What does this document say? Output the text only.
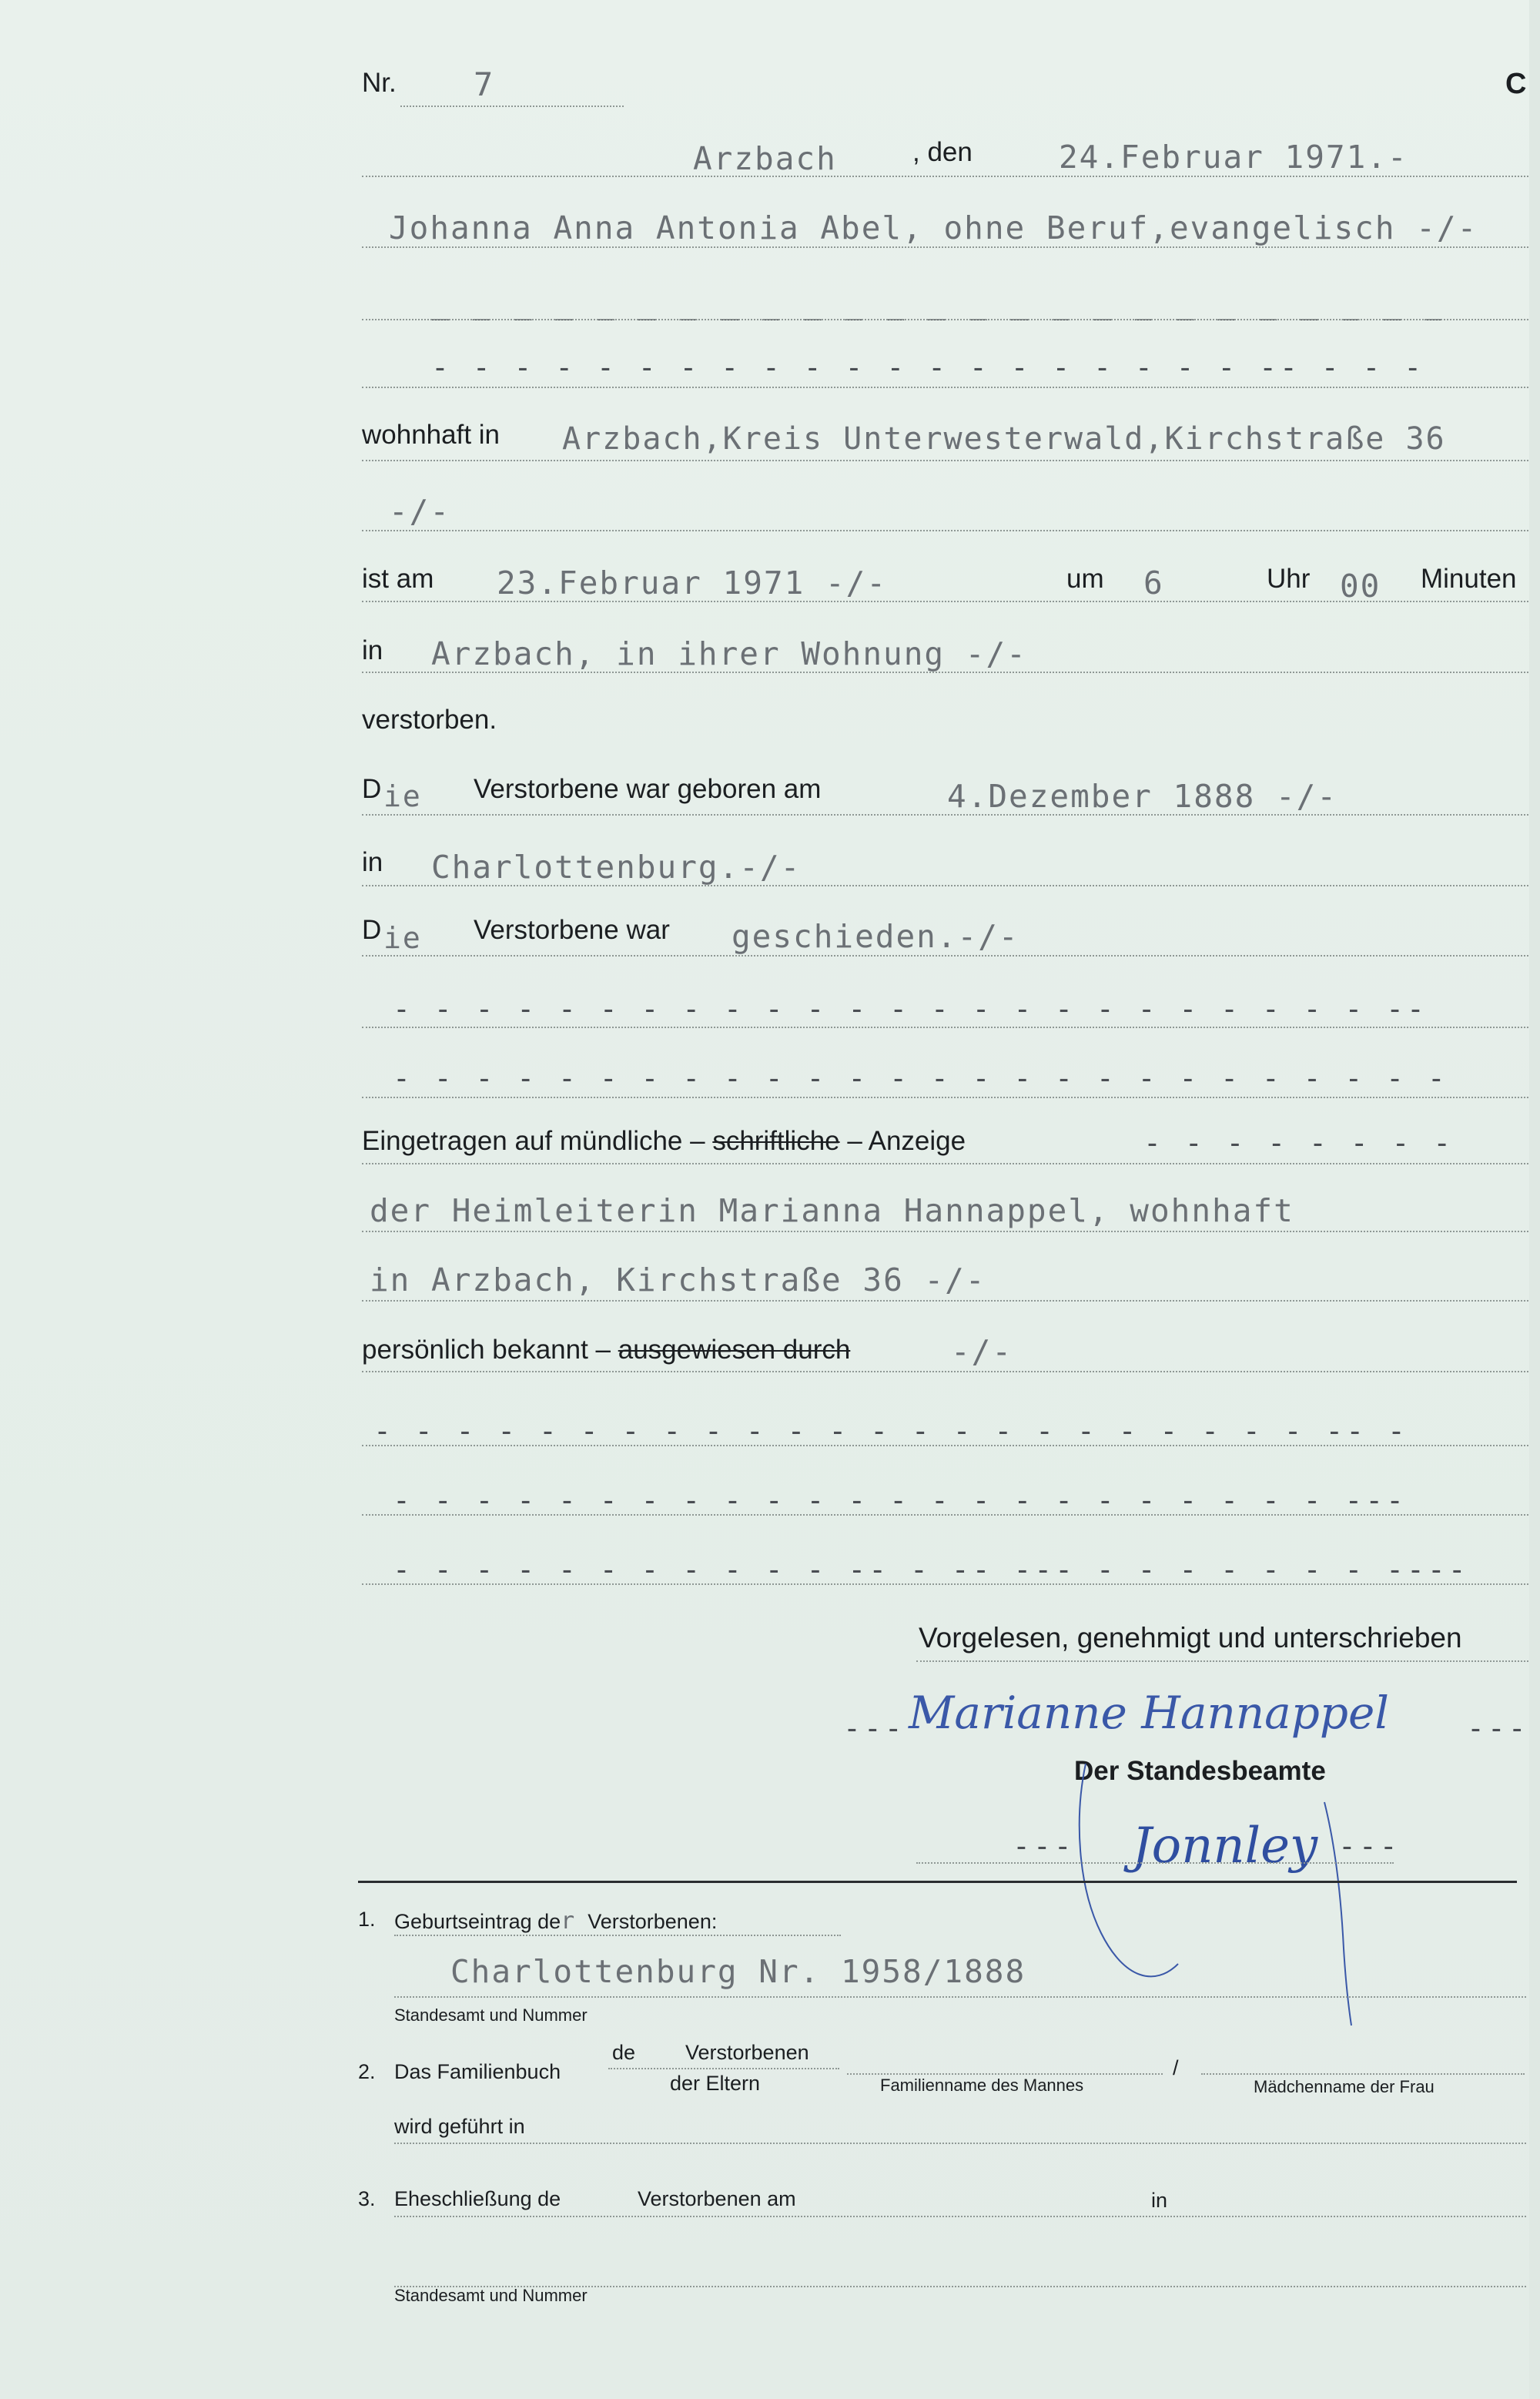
Nr. 7	C
Arzbach	, den	24.Februar 1971.-
Johanna Anna Antonia Abel, ohne Beruf,evangelisch -/-
_ _ _ _ _ _ _ _ _ _ _ _ _ _ _ _ _ _ _ _ _ _ _ _ _
- - - - - - - - - - - - - - - - - - - - -- - - -
wohnhaft in Arzbach,Kreis Unterwesterwald,Kirchstraße 36
-/-
ist am 23.Februar 1971 -/-	um 6	Uhr 00 Minuten
in Arzbach, in ihrer Wohnung -/-
verstorben.
D ie Verstorbene war geboren am	4.Dezember 1888 -/-
in Charlottenburg.-/-
D ie Verstorbene war geschieden.-/-
- - - - - - - - - - - - - - - - - - - - - - - - --
- - - - - - - - - - - - - - - - - - - - - - - - - -
Eingetragen auf mündliche – schriftliche – Anzeige	- - - - - - - -
der Heimleiterin Marianna Hannappel, wohnhaft
in Arzbach, Kirchstraße 36 -/-
persönlich bekannt – ausgewiesen durch	-/-
- - - - - - - - - - - - - - - - - - - - - - - -- -
- - - - - - - - - - - - - - - - - - - - - - - ---
- - - - - - - - - - - -- - -- --- - - - - - - - ----
Vorgelesen, genehmigt und unterschrieben
--- Marianne Hannappel	---
Der Standesbeamte
--- Jonnley ---
1. Geburtseintrag der Verstorbenen:
Charlottenburg Nr. 1958/1888
Standesamt und Nummer
2. Das Familienbuch
de Verstorbenen
der Eltern	Familienname des Mannes
/
Mädchenname der Frau
wird geführt in
3. Eheschließung de	Verstorbenen am	in
Standesamt und Nummer
